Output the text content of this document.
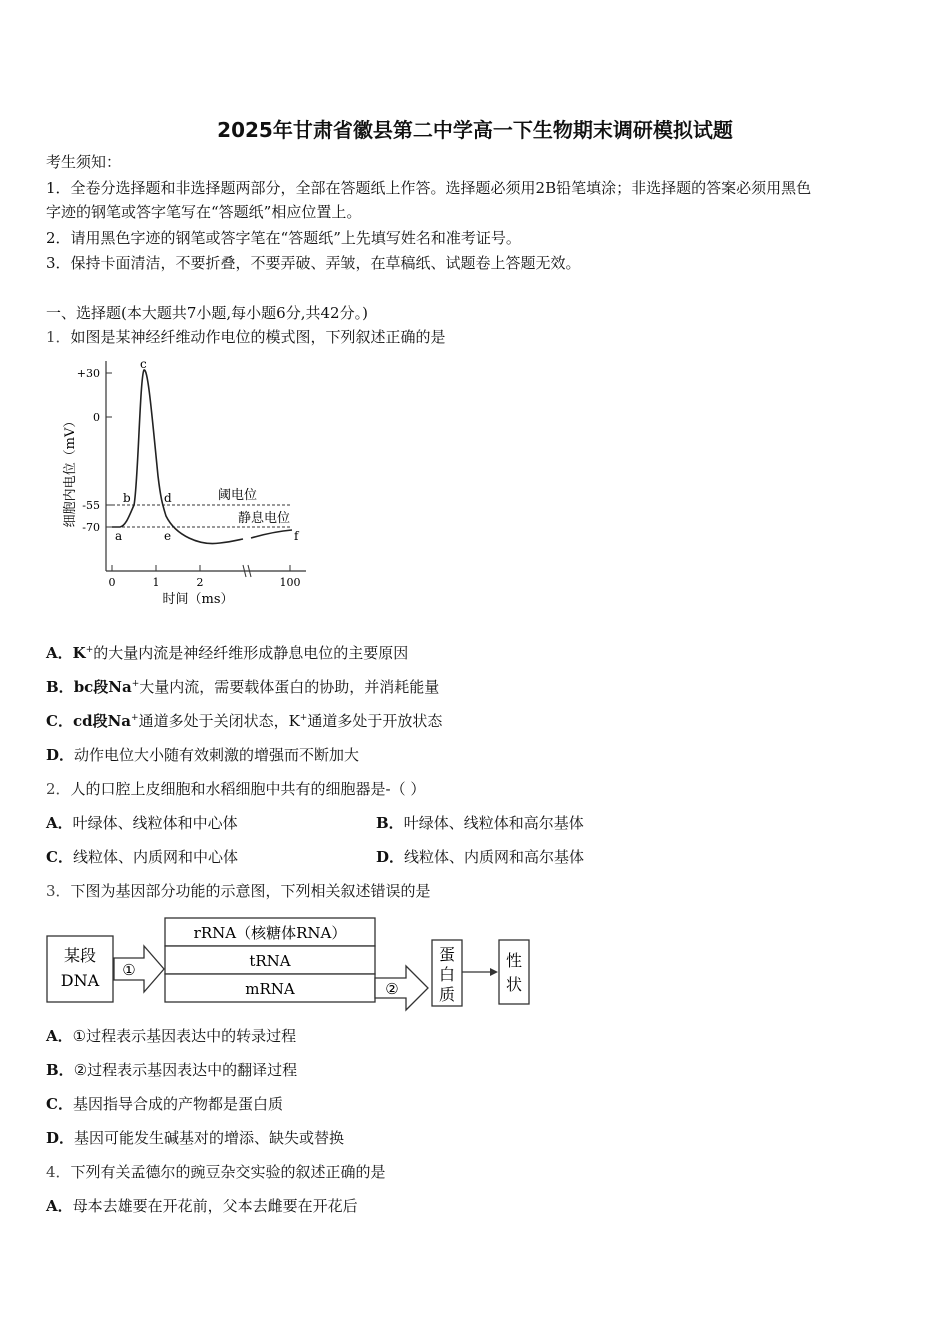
2025年甘肃省徽县第二中学高一下生物期末调研模拟试题
考生须知：
1．全卷分选择题和非选择题两部分，全部在答题纸上作答。选择题必须用2B铅笔填涂；非选择题的答案必须用黑色
字迹的钢笔或答字笔写在“答题纸”相应位置上。
2．请用黑色字迹的钢笔或答字笔在“答题纸”上先填写姓名和准考证号。
3．保持卡面清洁，不要折叠，不要弄破、弄皱，在草稿纸、试题卷上答题无效。
一、选择题(本大题共7小题,每小题6分,共42分。)
1．如图是某神经纤维动作电位的模式图，下列叙述正确的是
+30
0
-55
-70
细胞内电位（mV）
0	1	2	100
时间（ms）
阈电位
静息电位
a
b
c
d
e	f
A．K+的大量内流是神经纤维形成静息电位的主要原因
B．bc段Na+大量内流，需要载体蛋白的协助，并消耗能量
C．cd段Na+通道多处于关闭状态，K+通道多处于开放状态
D．动作电位大小随有效刺激的增强而不断加大
2．人的口腔上皮细胞和水稻细胞中共有的细胞器是-（ ）
A．叶绿体、线粒体和中心体	B．叶绿体、线粒体和高尔基体
C．线粒体、内质网和中心体	D．线粒体、内质网和高尔基体
3．下图为基因部分功能的示意图，下列相关叙述错误的是
某段
DNA
①
rRNA（核糖体RNA）
tRNA
mRNA	②
蛋
白
质
性
状
A．①过程表示基因表达中的转录过程
B．②过程表示基因表达中的翻译过程
C．基因指导合成的产物都是蛋白质
D．基因可能发生碱基对的增添、缺失或替换
4．下列有关孟德尔的豌豆杂交实验的叙述正确的是
A．母本去雄要在开花前，父本去雌要在开花后
